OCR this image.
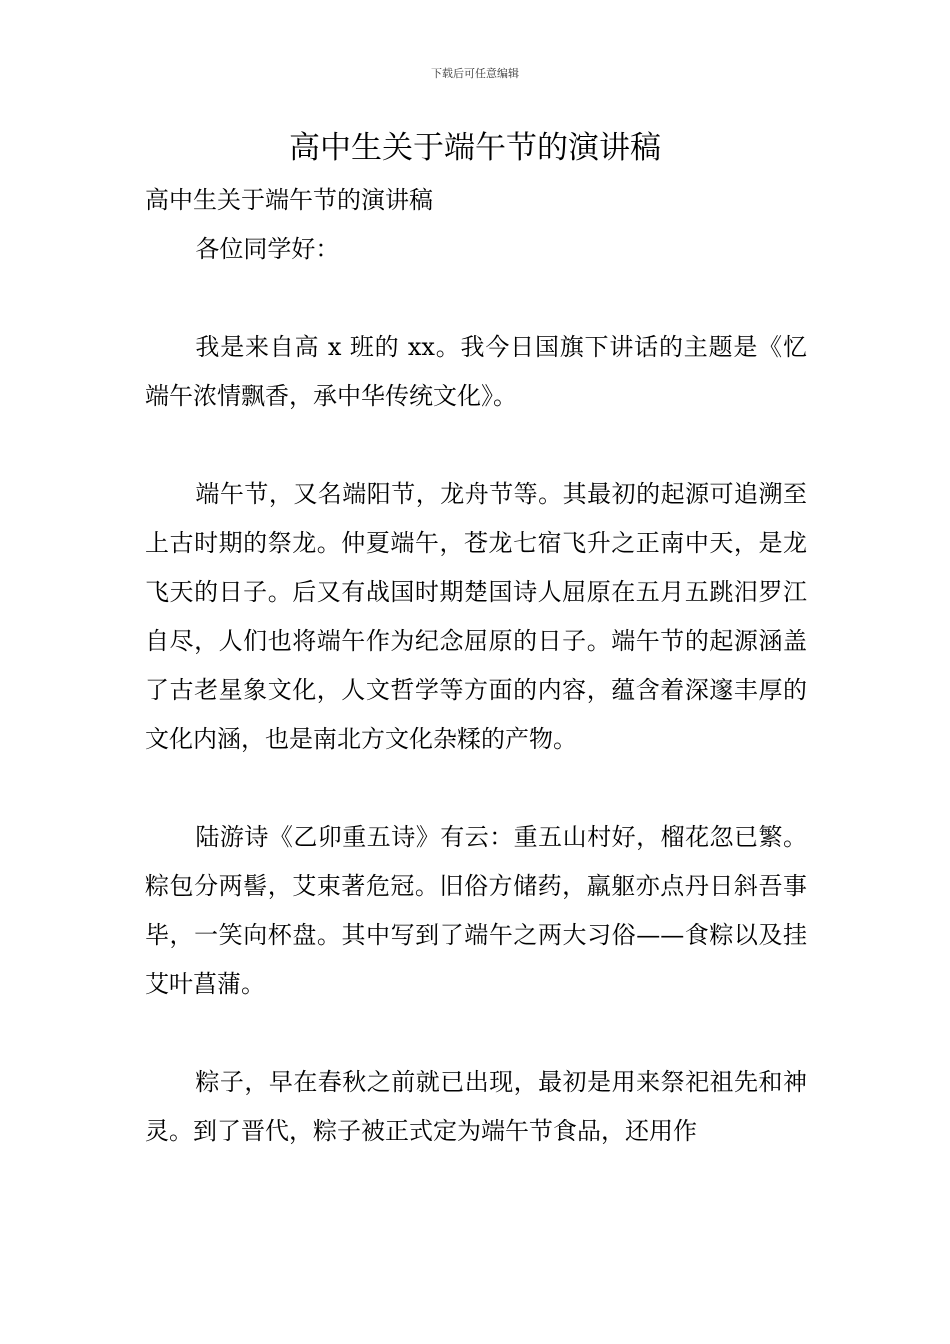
下载后可任意编辑
高中生关于端午节的演讲稿

高中生关于端午节的演讲稿

各位同学好：

我是来自高 x 班的 xx。我今日国旗下讲话的主题是《忆端午浓情飘香，承中华传统文化》。

端午节，又名端阳节，龙舟节等。其最初的起源可追溯至上古时期的祭龙。仲夏端午，苍龙七宿飞升之正南中天，是龙飞天的日子。后又有战国时期楚国诗人屈原在五月五跳汨罗江自尽，人们也将端午作为纪念屈原的日子。端午节的起源涵盖了古老星象文化，人文哲学等方面的内容，蕴含着深邃丰厚的文化内涵，也是南北方文化杂糅的产物。

陆游诗《乙卯重五诗》有云：重五山村好，榴花忽已繁。粽包分两髻，艾束著危冠。旧俗方储药，羸躯亦点丹日斜吾事毕，一笑向杯盘。其中写到了端午之两大习俗——食粽以及挂艾叶菖蒲。

粽子，早在春秋之前就已出现，最初是用来祭祀祖先和神灵。到了晋代，粽子被正式定为端午节食品，还用作
